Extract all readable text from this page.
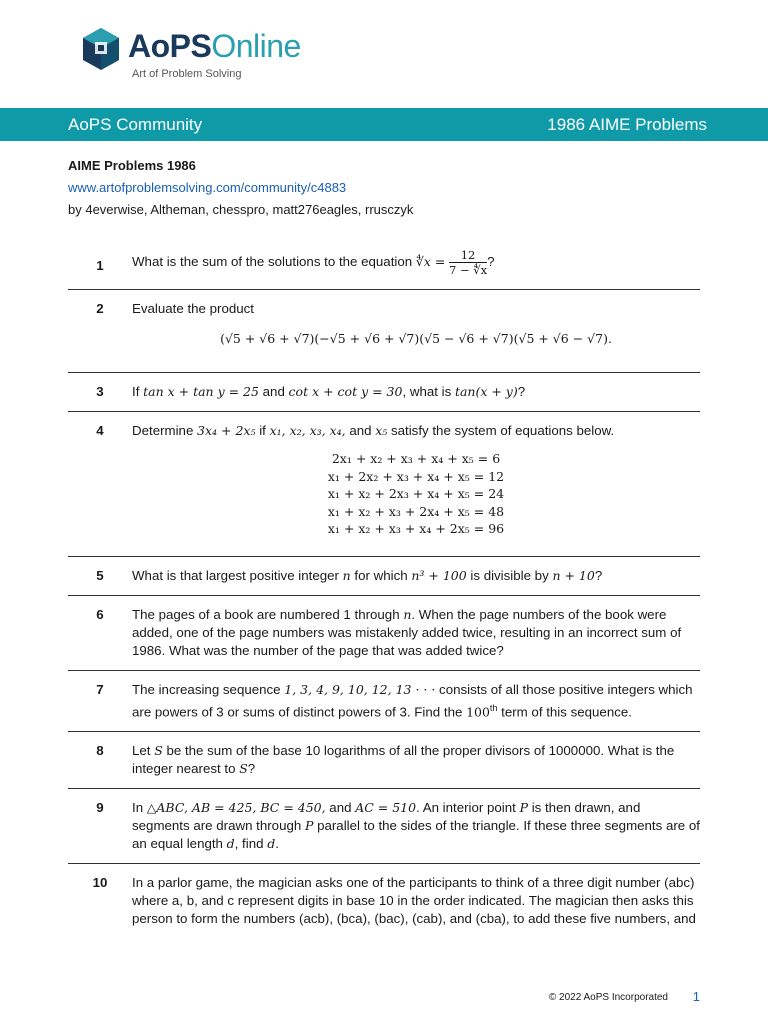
AoPSOnline
Art of Problem Solving
AoPS Community	1986 AIME Problems
AIME Problems 1986
www.artofproblemsolving.com/community/c4883
by 4everwise, Altheman, chesspro, matt276eagles, rrusczyk
1	What is the sum of the solutions to the equation ∜x = $\frac{12}{7 - ∜x}$ ?
2	Evaluate the product
(√5 + √6 + √7)(−√5 + √6 + √7)(√5 − √6 + √7)(√5 + √6 − √7).
3	If tan x + tan y = 25 and cot x + cot y = 30, what is tan(x + y)?
4	Determine 3x₄ + 2x₅ if x₁, x₂, x₃, x₄, and x₅ satisfy the system of equations below.
2x₁ + x₂ + x₃ + x₄ + x₅ = 6
x₁ + 2x₂ + x₃ + x₄ + x₅ = 12
x₁ + x₂ + 2x₃ + x₄ + x₅ = 24
x₁ + x₂ + x₃ + 2x₄ + x₅ = 48
x₁ + x₂ + x₃ + x₄ + 2x₅ = 96
5	What is that largest positive integer n for which n³ + 100 is divisible by n + 10?
6	The pages of a book are numbered 1 through n. When the page numbers of the book were added, one of the page numbers was mistakenly added twice, resulting in an incorrect sum of 1986. What was the number of the page that was added twice?
7	The increasing sequence 1, 3, 4, 9, 10, 12, 13 · · · consists of all those positive integers which are powers of 3 or sums of distinct powers of 3. Find the 100th term of this sequence.
8	Let S be the sum of the base 10 logarithms of all the proper divisors of 1000000. What is the integer nearest to S?
9	In △ABC, AB = 425, BC = 450, and AC = 510. An interior point P is then drawn, and segments are drawn through P parallel to the sides of the triangle. If these three segments are of an equal length d, find d.
10	In a parlor game, the magician asks one of the participants to think of a three digit number (abc) where a, b, and c represent digits in base 10 in the order indicated. The magician then asks this person to form the numbers (acb), (bca), (bac), (cab), and (cba), to add these five numbers, and
© 2022 AoPS Incorporated 1
